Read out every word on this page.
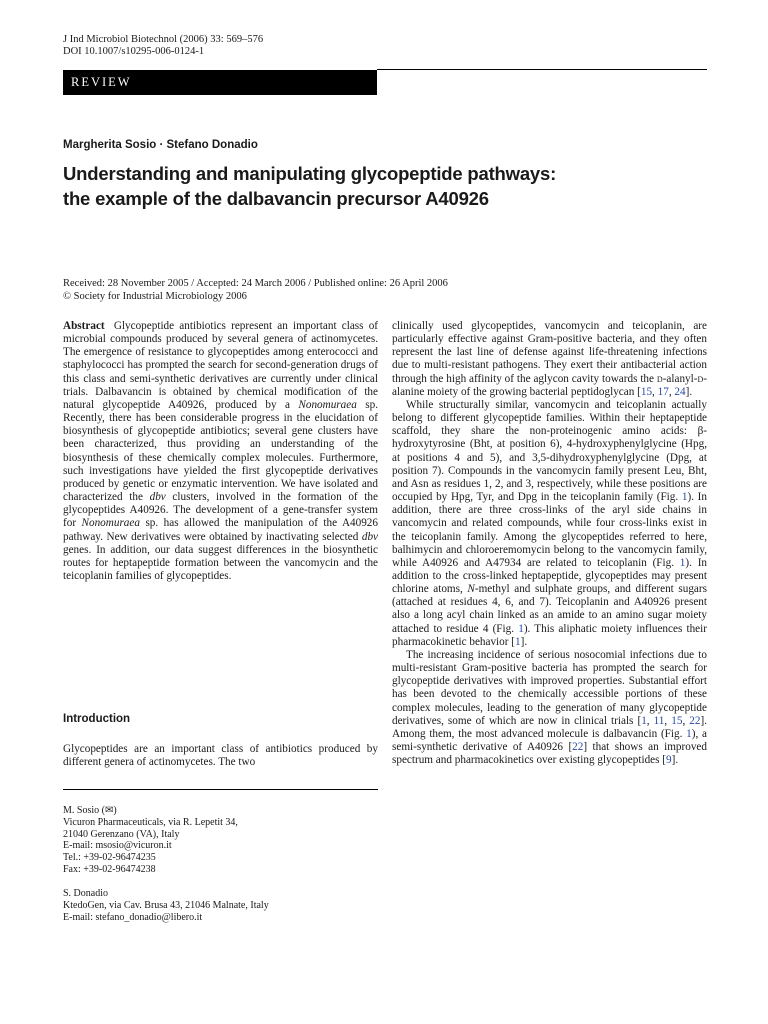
J Ind Microbiol Biotechnol (2006) 33: 569–576
DOI 10.1007/s10295-006-0124-1
REVIEW
Margherita Sosio · Stefano Donadio
Understanding and manipulating glycopeptide pathways:
the example of the dalbavancin precursor A40926
Received: 28 November 2005 / Accepted: 24 March 2006 / Published online: 26 April 2006
© Society for Industrial Microbiology 2006

Abstract Glycopeptide antibiotics represent an important class of microbial compounds produced by several genera of actinomycetes. The emergence of resistance to glycopeptides among enterococci and staphylococci has prompted the search for second-generation drugs of this class and semi-synthetic derivatives are currently under clinical trials. Dalbavancin is obtained by chemical modification of the natural glycopeptide A40926, produced by a Nonomuraea sp. Recently, there has been considerable progress in the elucidation of biosynthesis of glycopeptide antibiotics; several gene clusters have been characterized, thus providing an understanding of the biosynthesis of these chemically complex molecules. Furthermore, such investigations have yielded the first glycopeptide derivatives produced by genetic or enzymatic intervention. We have isolated and characterized the dbv clusters, involved in the formation of the glycopeptides A40926. The development of a gene-transfer system for Nonomuraea sp. has allowed the manipulation of the A40926 pathway. New derivatives were obtained by inactivating selected dbv genes. In addition, our data suggest differences in the biosynthetic routes for heptapeptide formation between the vancomycin and the teicoplanin families of glycopeptides.

Introduction
Glycopeptides are an important class of antibiotics produced by different genera of actinomycetes. The two
M. Sosio (✉)
Vicuron Pharmaceuticals, via R. Lepetit 34,
21040 Gerenzano (VA), Italy
E-mail: msosio@vicuron.it
Tel.: +39-02-96474235
Fax: +39-02-96474238
S. Donadio
KtedoGen, via Cav. Brusa 43, 21046 Malnate, Italy
E-mail: stefano_donadio@libero.it

clinically used glycopeptides, vancomycin and teicoplanin, are particularly effective against Gram-positive bacteria, and they often represent the last line of defense against life-threatening infections due to multi-resistant pathogens. They exert their antibacterial action through the high affinity of the aglycon cavity towards the d-alanyl-d-alanine moiety of the growing bacterial peptidoglycan [15, 17, 24].

While structurally similar, vancomycin and teicoplanin actually belong to different glycopeptide families. Within their heptapeptide scaffold, they share the non-proteinogenic amino acids: β-hydroxytyrosine (Bht, at position 6), 4-hydroxyphenylglycine (Hpg, at positions 4 and 5), and 3,5-dihydroxyphenylglycine (Dpg, at position 7). Compounds in the vancomycin family present Leu, Bht, and Asn as residues 1, 2, and 3, respectively, while these positions are occupied by Hpg, Tyr, and Dpg in the teicoplanin family (Fig. 1). In addition, there are three cross-links of the aryl side chains in vancomycin and related compounds, while four cross-links exist in the teicoplanin family. Among the glycopeptides referred to here, balhimycin and chloroeremomycin belong to the vancomycin family, while A40926 and A47934 are related to teicoplanin (Fig. 1). In addition to the cross-linked heptapeptide, glycopeptides may present chlorine atoms, N-methyl and sulphate groups, and different sugars (attached at residues 4, 6, and 7). Teicoplanin and A40926 present also a long acyl chain linked as an amide to an amino sugar moiety attached to residue 4 (Fig. 1). This aliphatic moiety influences their pharmacokinetic behavior [1].

The increasing incidence of serious nosocomial infections due to multi-resistant Gram-positive bacteria has prompted the search for glycopeptide derivatives with improved properties. Substantial effort has been devoted to the chemically accessible portions of these complex molecules, leading to the generation of many glycopeptide derivatives, some of which are now in clinical trials [1, 11, 15, 22]. Among them, the most advanced molecule is dalbavancin (Fig. 1), a semi-synthetic derivative of A40926 [22] that shows an improved spectrum and pharmacokinetics over existing glycopeptides [9].
